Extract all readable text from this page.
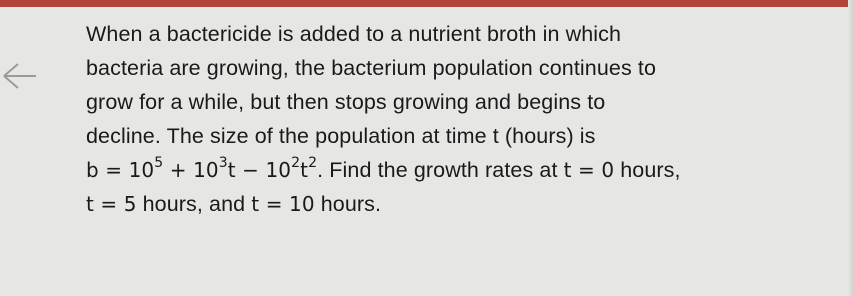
When a bactericide is added to a nutrient broth in which
bacteria are growing, the bacterium population continues to
grow for a while, but then stops growing and begins to
decline. The size of the population at time t (hours) is
$b = 10^5 + 10^3t - 10^2t^2$. Find the growth rates at t = 0 hours,
t = 5 hours, and t = 10 hours.
